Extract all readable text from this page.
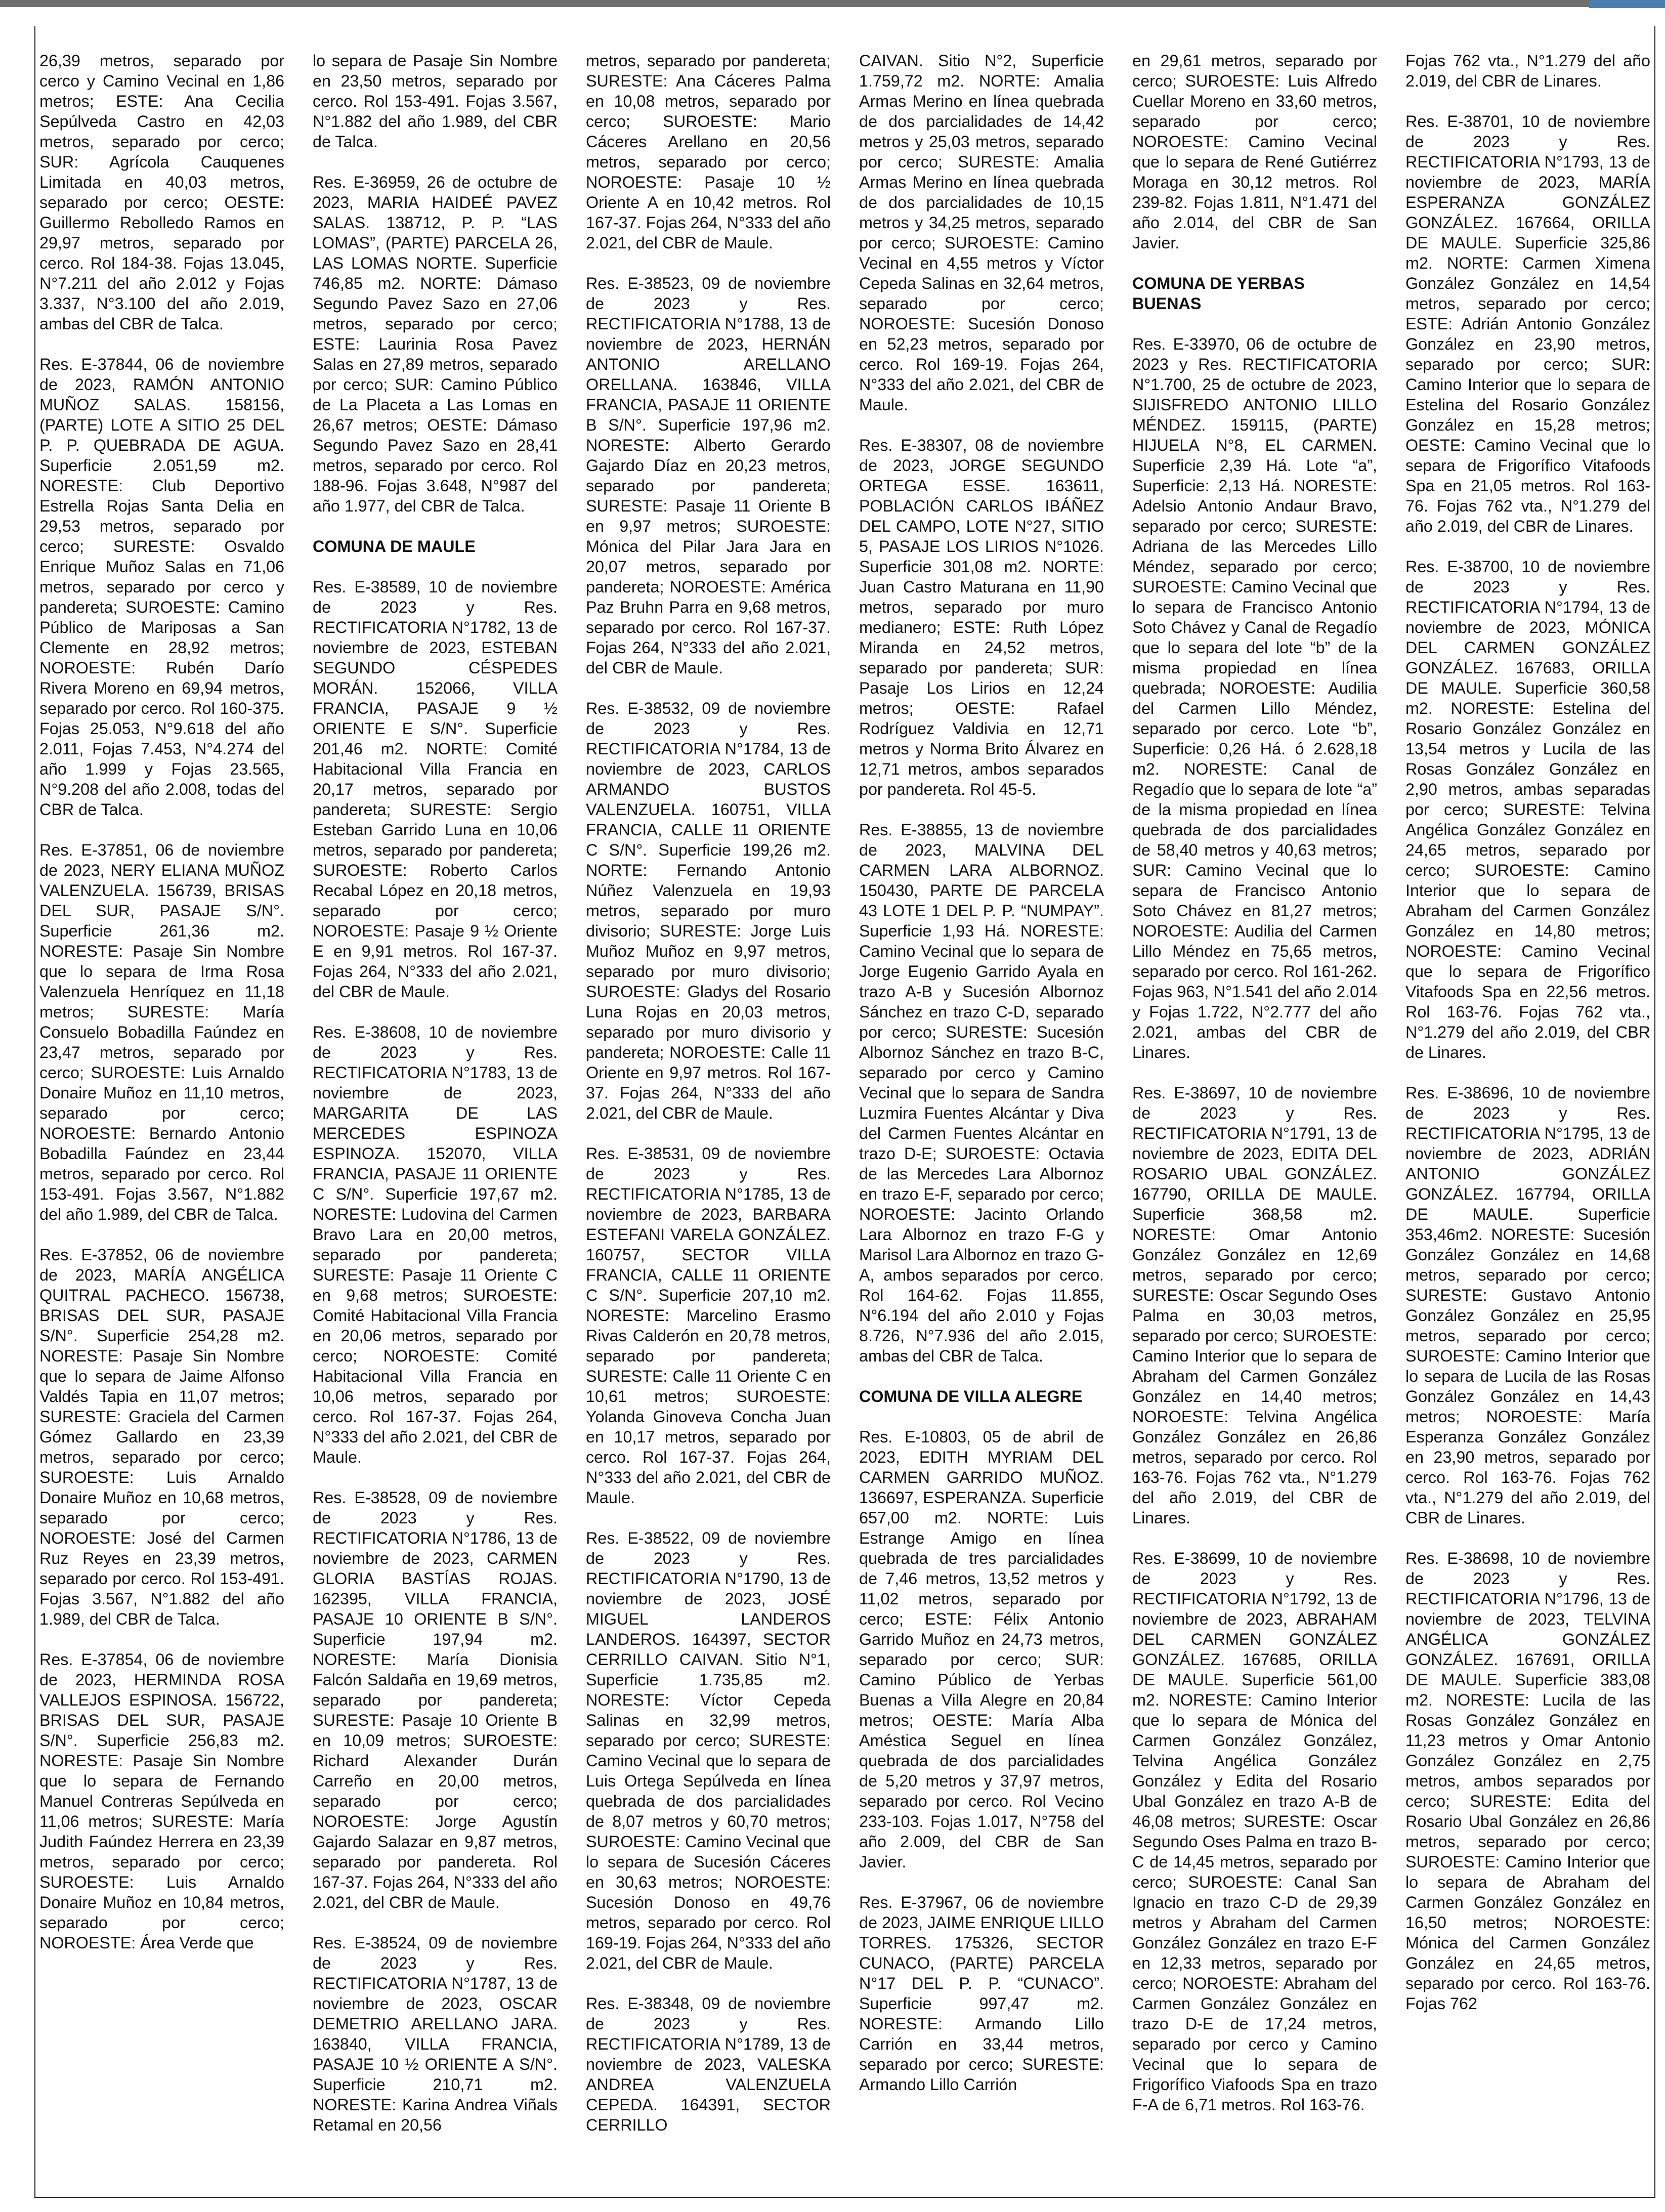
26,39 metros, separado por cerco y Camino Vecinal en 1,86 metros; ESTE: Ana Cecilia Sepúlveda Castro en 42,03 metros, separado por cerco; SUR: Agrícola Cauquenes Limitada en 40,03 metros, separado por cerco; OESTE: Guillermo Rebolledo Ramos en 29,97 metros, separado por cerco. Rol 184-38. Fojas 13.045, N°7.211 del año 2.012 y Fojas 3.337, N°3.100 del año 2.019, ambas del CBR de Talca.

Res. E-37844, 06 de noviembre de 2023, RAMÓN ANTONIO MUÑOZ SALAS. 158156, (PARTE) LOTE A SITIO 25 DEL P. P. QUEBRADA DE AGUA. Superficie 2.051,59 m2. NORESTE: Club Deportivo Estrella Rojas Santa Delia en 29,53 metros, separado por cerco; SURESTE: Osvaldo Enrique Muñoz Salas en 71,06 metros, separado por cerco y pandereta; SUROESTE: Camino Público de Mariposas a San Clemente en 28,92 metros; NOROESTE: Rubén Darío Rivera Moreno en 69,94 metros, separado por cerco. Rol 160-375. Fojas 25.053, N°9.618 del año 2.011, Fojas 7.453, N°4.274 del año 1.999 y Fojas 23.565, N°9.208 del año 2.008, todas del CBR de Talca.

Res. E-37851, 06 de noviembre de 2023, NERY ELIANA MUÑOZ VALENZUELA. 156739, BRISAS DEL SUR, PASAJE S/N°. Superficie 261,36 m2. NORESTE: Pasaje Sin Nombre que lo separa de Irma Rosa Valenzuela Henríquez en 11,18 metros; SURESTE: María Consuelo Bobadilla Faúndez en 23,47 metros, separado por cerco; SUROESTE: Luis Arnaldo Donaire Muñoz en 11,10 metros, separado por cerco; NOROESTE: Bernardo Antonio Bobadilla Faúndez en 23,44 metros, separado por cerco. Rol 153-491. Fojas 3.567, N°1.882 del año 1.989, del CBR de Talca.

Res. E-37852, 06 de noviembre de 2023, MARÍA ANGÉLICA QUITRAL PACHECO. 156738, BRISAS DEL SUR, PASAJE S/N°. Superficie 254,28 m2. NORESTE: Pasaje Sin Nombre que lo separa de Jaime Alfonso Valdés Tapia en 11,07 metros; SURESTE: Graciela del Carmen Gómez Gallardo en 23,39 metros, separado por cerco; SUROESTE: Luis Arnaldo Donaire Muñoz en 10,68 metros, separado por cerco; NOROESTE: José del Carmen Ruz Reyes en 23,39 metros, separado por cerco. Rol 153-491. Fojas 3.567, N°1.882 del año 1.989, del CBR de Talca.

Res. E-37854, 06 de noviembre de 2023, HERMINDA ROSA VALLEJOS ESPINOSA. 156722, BRISAS DEL SUR, PASAJE S/N°. Superficie 256,83 m2. NORESTE: Pasaje Sin Nombre que lo separa de Fernando Manuel Contreras Sepúlveda en 11,06 metros; SURESTE: María Judith Faúndez Herrera en 23,39 metros, separado por cerco; SUROESTE: Luis Arnaldo Donaire Muñoz en 10,84 metros, separado por cerco; NOROESTE: Área Verde que

lo separa de Pasaje Sin Nombre en 23,50 metros, separado por cerco. Rol 153-491. Fojas 3.567, N°1.882 del año 1.989, del CBR de Talca.

Res. E-36959, 26 de octubre de 2023, MARIA HAIDEÉ PAVEZ SALAS. 138712, P. P. “LAS LOMAS”, (PARTE) PARCELA 26, LAS LOMAS NORTE. Superficie 746,85 m2. NORTE: Dámaso Segundo Pavez Sazo en 27,06 metros, separado por cerco; ESTE: Laurinia Rosa Pavez Salas en 27,89 metros, separado por cerco; SUR: Camino Público de La Placeta a Las Lomas en 26,67 metros; OESTE: Dámaso Segundo Pavez Sazo en 28,41 metros, separado por cerco. Rol 188-96. Fojas 3.648, N°987 del año 1.977, del CBR de Talca.

COMUNA DE MAULE

Res. E-38589, 10 de noviembre de 2023 y Res. RECTIFICATORIA N°1782, 13 de noviembre de 2023, ESTEBAN SEGUNDO CÉSPEDES MORÁN. 152066, VILLA FRANCIA, PASAJE 9 ½ ORIENTE E S/N°. Superficie 201,46 m2. NORTE: Comité Habitacional Villa Francia en 20,17 metros, separado por pandereta; SURESTE: Sergio Esteban Garrido Luna en 10,06 metros, separado por pandereta; SUROESTE: Roberto Carlos Recabal López en 20,18 metros, separado por cerco; NOROESTE: Pasaje 9 ½ Oriente E en 9,91 metros. Rol 167-37. Fojas 264, N°333 del año 2.021, del CBR de Maule.

Res. E-38608, 10 de noviembre de 2023 y Res. RECTIFICATORIA N°1783, 13 de noviembre de 2023, MARGARITA DE LAS MERCEDES ESPINOZA ESPINOZA. 152070, VILLA FRANCIA, PASAJE 11 ORIENTE C S/N°. Superficie 197,67 m2. NORESTE: Ludovina del Carmen Bravo Lara en 20,00 metros, separado por pandereta; SURESTE: Pasaje 11 Oriente C en 9,68 metros; SUROESTE: Comité Habitacional Villa Francia en 20,06 metros, separado por cerco; NOROESTE: Comité Habitacional Villa Francia en 10,06 metros, separado por cerco. Rol 167-37. Fojas 264, N°333 del año 2.021, del CBR de Maule.

Res. E-38528, 09 de noviembre de 2023 y Res. RECTIFICATORIA N°1786, 13 de noviembre de 2023, CARMEN GLORIA BASTÍAS ROJAS. 162395, VILLA FRANCIA, PASAJE 10 ORIENTE B S/N°. Superficie 197,94 m2. NORESTE: María Dionisia Falcón Saldaña en 19,69 metros, separado por pandereta; SURESTE: Pasaje 10 Oriente B en 10,09 metros; SUROESTE: Richard Alexander Durán Carreño en 20,00 metros, separado por cerco; NOROESTE: Jorge Agustín Gajardo Salazar en 9,87 metros, separado por pandereta. Rol 167-37. Fojas 264, N°333 del año 2.021, del CBR de Maule.

Res. E-38524, 09 de noviembre de 2023 y Res. RECTIFICATORIA N°1787, 13 de noviembre de 2023, OSCAR DEMETRIO ARELLANO JARA. 163840, VILLA FRANCIA, PASAJE 10 ½ ORIENTE A S/N°. Superficie 210,71 m2. NORESTE: Karina Andrea Viñals Retamal en 20,56

metros, separado por pandereta; SURESTE: Ana Cáceres Palma en 10,08 metros, separado por cerco; SUROESTE: Mario Cáceres Arellano en 20,56 metros, separado por cerco; NOROESTE: Pasaje 10 ½ Oriente A en 10,42 metros. Rol 167-37. Fojas 264, N°333 del año 2.021, del CBR de Maule.

Res. E-38523, 09 de noviembre de 2023 y Res. RECTIFICATORIA N°1788, 13 de noviembre de 2023, HERNÁN ANTONIO ARELLANO ORELLANA. 163846, VILLA FRANCIA, PASAJE 11 ORIENTE B S/N°. Superficie 197,96 m2. NORESTE: Alberto Gerardo Gajardo Díaz en 20,23 metros, separado por pandereta; SURESTE: Pasaje 11 Oriente B en 9,97 metros; SUROESTE: Mónica del Pilar Jara Jara en 20,07 metros, separado por pandereta; NOROESTE: América Paz Bruhn Parra en 9,68 metros, separado por cerco. Rol 167-37. Fojas 264, N°333 del año 2.021, del CBR de Maule.

Res. E-38532, 09 de noviembre de 2023 y Res. RECTIFICATORIA N°1784, 13 de noviembre de 2023, CARLOS ARMANDO BUSTOS VALENZUELA. 160751, VILLA FRANCIA, CALLE 11 ORIENTE C S/N°. Superficie 199,26 m2. NORTE: Fernando Antonio Núñez Valenzuela en 19,93 metros, separado por muro divisorio; SURESTE: Jorge Luis Muñoz Muñoz en 9,97 metros, separado por muro divisorio; SUROESTE: Gladys del Rosario Luna Rojas en 20,03 metros, separado por muro divisorio y pandereta; NOROESTE: Calle 11 Oriente en 9,97 metros. Rol 167-37. Fojas 264, N°333 del año 2.021, del CBR de Maule.

Res. E-38531, 09 de noviembre de 2023 y Res. RECTIFICATORIA N°1785, 13 de noviembre de 2023, BARBARA ESTEFANI VARELA GONZÁLEZ. 160757, SECTOR VILLA FRANCIA, CALLE 11 ORIENTE C S/N°. Superficie 207,10 m2. NORESTE: Marcelino Erasmo Rivas Calderón en 20,78 metros, separado por pandereta; SURESTE: Calle 11 Oriente C en 10,61 metros; SUROESTE: Yolanda Ginoveva Concha Juan en 10,17 metros, separado por cerco. Rol 167-37. Fojas 264, N°333 del año 2.021, del CBR de Maule.

Res. E-38522, 09 de noviembre de 2023 y Res. RECTIFICATORIA N°1790, 13 de noviembre de 2023, JOSÉ MIGUEL LANDEROS LANDEROS. 164397, SECTOR CERRILLO CAIVAN. Sitio N°1, Superficie 1.735,85 m2. NORESTE: Víctor Cepeda Salinas en 32,99 metros, separado por cerco; SURESTE: Camino Vecinal que lo separa de Luis Ortega Sepúlveda en línea quebrada de dos parcialidades de 8,07 metros y 60,70 metros; SUROESTE: Camino Vecinal que lo separa de Sucesión Cáceres en 30,63 metros; NOROESTE: Sucesión Donoso en 49,76 metros, separado por cerco. Rol 169-19. Fojas 264, N°333 del año 2.021, del CBR de Maule.

Res. E-38348, 09 de noviembre de 2023 y Res. RECTIFICATORIA N°1789, 13 de noviembre de 2023, VALESKA ANDREA VALENZUELA CEPEDA. 164391, SECTOR CERRILLO

CAIVAN. Sitio N°2, Superficie 1.759,72 m2. NORTE: Amalia Armas Merino en línea quebrada de dos parcialidades de 14,42 metros y 25,03 metros, separado por cerco; SURESTE: Amalia Armas Merino en línea quebrada de dos parcialidades de 10,15 metros y 34,25 metros, separado por cerco; SUROESTE: Camino Vecinal en 4,55 metros y Víctor Cepeda Salinas en 32,64 metros, separado por cerco; NOROESTE: Sucesión Donoso en 52,23 metros, separado por cerco. Rol 169-19. Fojas 264, N°333 del año 2.021, del CBR de Maule.

Res. E-38307, 08 de noviembre de 2023, JORGE SEGUNDO ORTEGA ESSE. 163611, POBLACIÓN CARLOS IBÁÑEZ DEL CAMPO, LOTE N°27, SITIO 5, PASAJE LOS LIRIOS N°1026. Superficie 301,08 m2. NORTE: Juan Castro Maturana en 11,90 metros, separado por muro medianero; ESTE: Ruth López Miranda en 24,52 metros, separado por pandereta; SUR: Pasaje Los Lirios en 12,24 metros; OESTE: Rafael Rodríguez Valdivia en 12,71 metros y Norma Brito Álvarez en 12,71 metros, ambos separados por pandereta. Rol 45-5.

Res. E-38855, 13 de noviembre de 2023, MALVINA DEL CARMEN LARA ALBORNOZ. 150430, PARTE DE PARCELA 43 LOTE 1 DEL P. P. “NUMPAY”. Superficie 1,93 Há. NORESTE: Camino Vecinal que lo separa de Jorge Eugenio Garrido Ayala en trazo A-B y Sucesión Albornoz Sánchez en trazo C-D, separado por cerco; SURESTE: Sucesión Albornoz Sánchez en trazo B-C, separado por cerco y Camino Vecinal que lo separa de Sandra Luzmira Fuentes Alcántar y Diva del Carmen Fuentes Alcántar en trazo D-E; SUROESTE: Octavia de las Mercedes Lara Albornoz en trazo E-F, separado por cerco; NOROESTE: Jacinto Orlando Lara Albornoz en trazo F-G y Marisol Lara Albornoz en trazo G-A, ambos separados por cerco. Rol 164-62. Fojas 11.855, N°6.194 del año 2.010 y Fojas 8.726, N°7.936 del año 2.015, ambas del CBR de Talca.

COMUNA DE VILLA ALEGRE

Res. E-10803, 05 de abril de 2023, EDITH MYRIAM DEL CARMEN GARRIDO MUÑOZ. 136697, ESPERANZA. Superficie 657,00 m2. NORTE: Luis Estrange Amigo en línea quebrada de tres parcialidades de 7,46 metros, 13,52 metros y 11,02 metros, separado por cerco; ESTE: Félix Antonio Garrido Muñoz en 24,73 metros, separado por cerco; SUR: Camino Público de Yerbas Buenas a Villa Alegre en 20,84 metros; OESTE: María Alba Améstica Seguel en línea quebrada de dos parcialidades de 5,20 metros y 37,97 metros, separado por cerco. Rol Vecino 233-103. Fojas 1.017, N°758 del año 2.009, del CBR de San Javier.

Res. E-37967, 06 de noviembre de 2023, JAIME ENRIQUE LILLO TORRES. 175326, SECTOR CUNACO, (PARTE) PARCELA N°17 DEL P. P. “CUNACO”. Superficie 997,47 m2. NORESTE: Armando Lillo Carrión en 33,44 metros, separado por cerco; SURESTE: Armando Lillo Carrión

en 29,61 metros, separado por cerco; SUROESTE: Luis Alfredo Cuellar Moreno en 33,60 metros, separado por cerco; NOROESTE: Camino Vecinal que lo separa de René Gutiérrez Moraga en 30,12 metros. Rol 239-82. Fojas 1.811, N°1.471 del año 2.014, del CBR de San Javier.

COMUNA DE YERBAS BUENAS

Res. E-33970, 06 de octubre de 2023 y Res. RECTIFICATORIA N°1.700, 25 de octubre de 2023, SIJISFREDO ANTONIO LILLO MÉNDEZ. 159115, (PARTE) HIJUELA N°8, EL CARMEN. Superficie 2,39 Há. Lote “a”, Superficie: 2,13 Há. NORESTE: Adelsio Antonio Andaur Bravo, separado por cerco; SURESTE: Adriana de las Mercedes Lillo Méndez, separado por cerco; SUROESTE: Camino Vecinal que lo separa de Francisco Antonio Soto Chávez y Canal de Regadío que lo separa del lote “b” de la misma propiedad en línea quebrada; NOROESTE: Audilia del Carmen Lillo Méndez, separado por cerco. Lote “b”, Superficie: 0,26 Há. ó 2.628,18 m2. NORESTE: Canal de Regadío que lo separa de lote “a” de la misma propiedad en línea quebrada de dos parcialidades de 58,40 metros y 40,63 metros; SUR: Camino Vecinal que lo separa de Francisco Antonio Soto Chávez en 81,27 metros; NOROESTE: Audilia del Carmen Lillo Méndez en 75,65 metros, separado por cerco. Rol 161-262. Fojas 963, N°1.541 del año 2.014 y Fojas 1.722, N°2.777 del año 2.021, ambas del CBR de Linares.

Res. E-38697, 10 de noviembre de 2023 y Res. RECTIFICATORIA N°1791, 13 de noviembre de 2023, EDITA DEL ROSARIO UBAL GONZÁLEZ. 167790, ORILLA DE MAULE. Superficie 368,58 m2. NORESTE: Omar Antonio González González en 12,69 metros, separado por cerco; SURESTE: Oscar Segundo Oses Palma en 30,03 metros, separado por cerco; SUROESTE: Camino Interior que lo separa de Abraham del Carmen González González en 14,40 metros; NOROESTE: Telvina Angélica González González en 26,86 metros, separado por cerco. Rol 163-76. Fojas 762 vta., N°1.279 del año 2.019, del CBR de Linares.

Res. E-38699, 10 de noviembre de 2023 y Res. RECTIFICATORIA N°1792, 13 de noviembre de 2023, ABRAHAM DEL CARMEN GONZÁLEZ GONZÁLEZ. 167685, ORILLA DE MAULE. Superficie 561,00 m2. NORESTE: Camino Interior que lo separa de Mónica del Carmen González González, Telvina Angélica González González y Edita del Rosario Ubal González en trazo A-B de 46,08 metros; SURESTE: Oscar Segundo Oses Palma en trazo B-C de 14,45 metros, separado por cerco; SUROESTE: Canal San Ignacio en trazo C-D de 29,39 metros y Abraham del Carmen González González en trazo E-F en 12,33 metros, separado por cerco; NOROESTE: Abraham del Carmen González González en trazo D-E de 17,24 metros, separado por cerco y Camino Vecinal que lo separa de Frigorífico Viafoods Spa en trazo F-A de 6,71 metros. Rol 163-76.

Fojas 762 vta., N°1.279 del año 2.019, del CBR de Linares.

Res. E-38701, 10 de noviembre de 2023 y Res. RECTIFICATORIA N°1793, 13 de noviembre de 2023, MARÍA ESPERANZA GONZÁLEZ GONZÁLEZ. 167664, ORILLA DE MAULE. Superficie 325,86 m2. NORTE: Carmen Ximena González González en 14,54 metros, separado por cerco; ESTE: Adrián Antonio González González en 23,90 metros, separado por cerco; SUR: Camino Interior que lo separa de Estelina del Rosario González González en 15,28 metros; OESTE: Camino Vecinal que lo separa de Frigorífico Vitafoods Spa en 21,05 metros. Rol 163-76. Fojas 762 vta., N°1.279 del año 2.019, del CBR de Linares.

Res. E-38700, 10 de noviembre de 2023 y Res. RECTIFICATORIA N°1794, 13 de noviembre de 2023, MÓNICA DEL CARMEN GONZÁLEZ GONZÁLEZ. 167683, ORILLA DE MAULE. Superficie 360,58 m2. NORESTE: Estelina del Rosario González González en 13,54 metros y Lucila de las Rosas González González en 2,90 metros, ambas separadas por cerco; SURESTE: Telvina Angélica González González en 24,65 metros, separado por cerco; SUROESTE: Camino Interior que lo separa de Abraham del Carmen González González en 14,80 metros; NOROESTE: Camino Vecinal que lo separa de Frigorífico Vitafoods Spa en 22,56 metros. Rol 163-76. Fojas 762 vta., N°1.279 del año 2.019, del CBR de Linares.

Res. E-38696, 10 de noviembre de 2023 y Res. RECTIFICATORIA N°1795, 13 de noviembre de 2023, ADRIÁN ANTONIO GONZÁLEZ GONZÁLEZ. 167794, ORILLA DE MAULE. Superficie 353,46m2. NORESTE: Sucesión González González en 14,68 metros, separado por cerco; SURESTE: Gustavo Antonio González González en 25,95 metros, separado por cerco; SUROESTE: Camino Interior que lo separa de Lucila de las Rosas González González en 14,43 metros; NOROESTE: María Esperanza González González en 23,90 metros, separado por cerco. Rol 163-76. Fojas 762 vta., N°1.279 del año 2.019, del CBR de Linares.

Res. E-38698, 10 de noviembre de 2023 y Res. RECTIFICATORIA N°1796, 13 de noviembre de 2023, TELVINA ANGÉLICA GONZÁLEZ GONZÁLEZ. 167691, ORILLA DE MAULE. Superficie 383,08 m2. NORESTE: Lucila de las Rosas González González en 11,23 metros y Omar Antonio González González en 2,75 metros, ambos separados por cerco; SURESTE: Edita del Rosario Ubal González en 26,86 metros, separado por cerco; SUROESTE: Camino Interior que lo separa de Abraham del Carmen González González en 16,50 metros; NOROESTE: Mónica del Carmen González González en 24,65 metros, separado por cerco. Rol 163-76. Fojas 762
